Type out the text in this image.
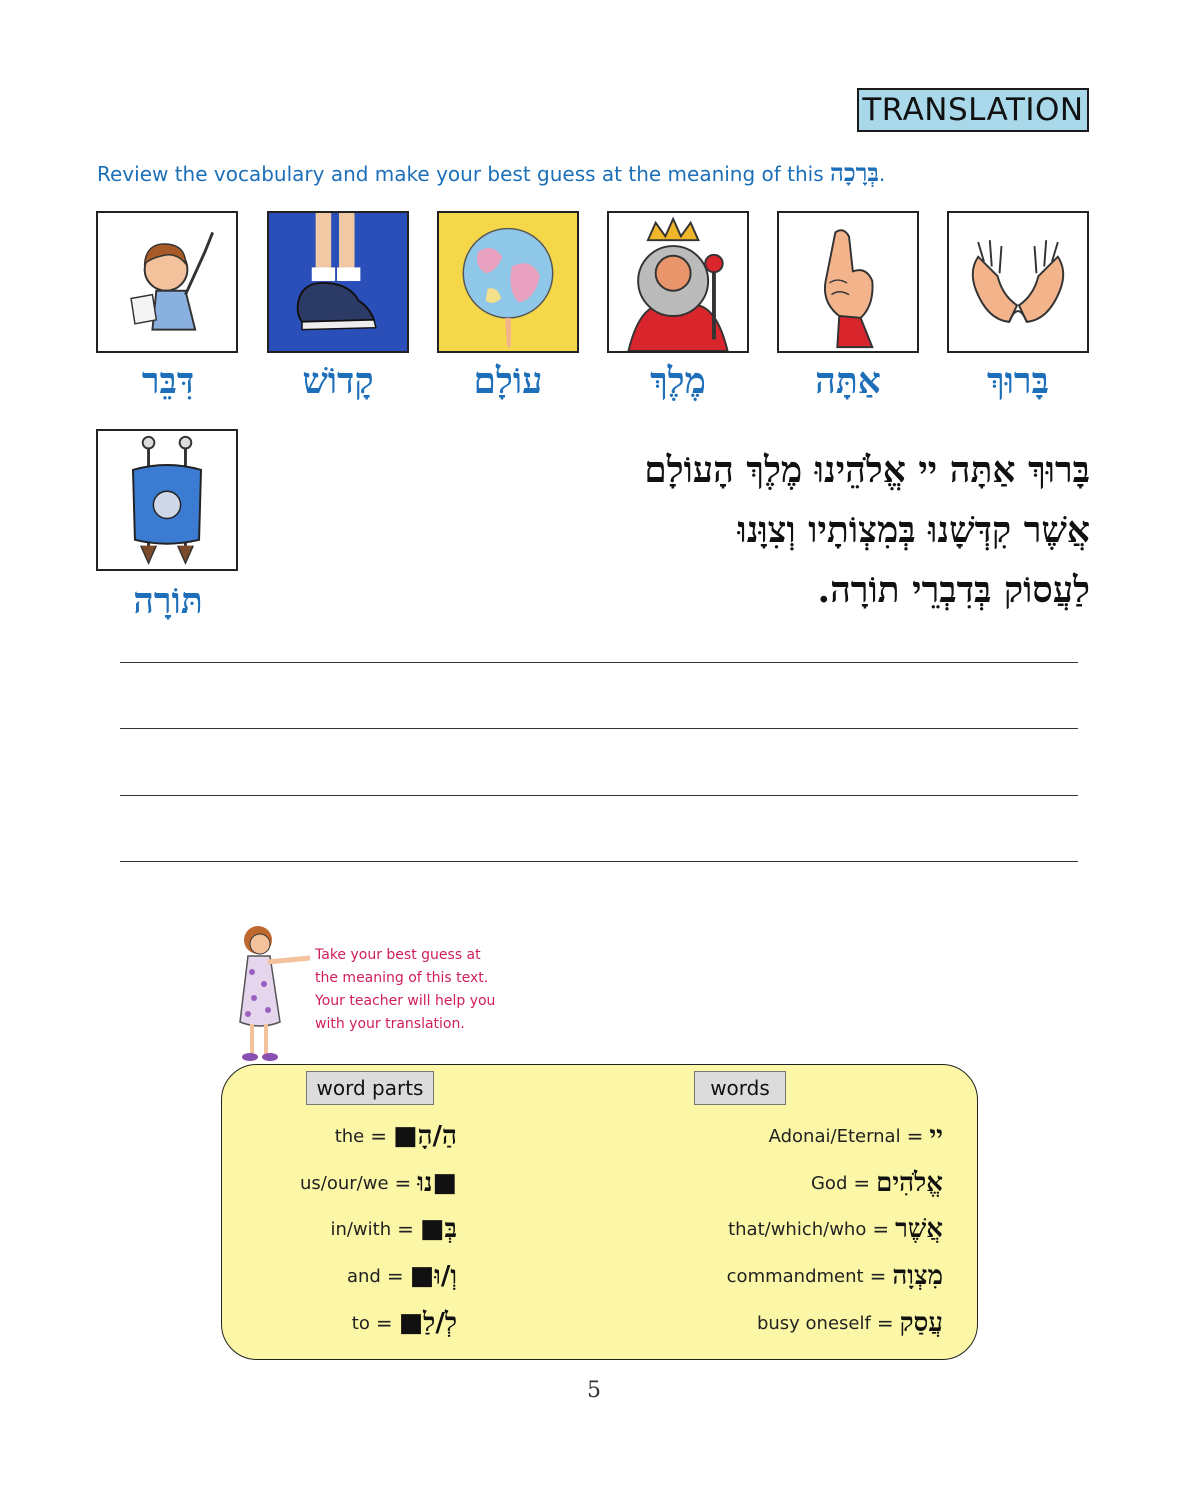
TRANSLATION
Review the vocabulary and make your best guess at the meaning of this בְּרָכָה.
בָּרוּךְ
אַתָּה
מֶלֶךְ
עוֹלָם
קָדוֹשׁ
דִּבֵּר
תּוֹרָה
בָּרוּךְ אַתָּה יי אֱלֹהֵינוּ מֶלֶךְ הָעוֹלָם
אֲשֶׁר קִדְּשָׁנוּ בְּמִצְוֹתָיו וְצִוָּנוּ
לַעֲסוֹק בְּדִבְרֵי תוֹרָה.
Take your best guess at
the meaning of this text.
Your teacher will help you
with your translation.
word parts	words
the = הַ/הָ■
us/our/we = ■נוּ
in/with = בְּ■
and = וְ/וּ■
to = לְ/לַ■
Adonai/Eternal = יי
God = אֱלֹהִים
that/which/who = אֲשֶׁר
commandment = מִצְוָה
busy oneself = עֲסַק
5
